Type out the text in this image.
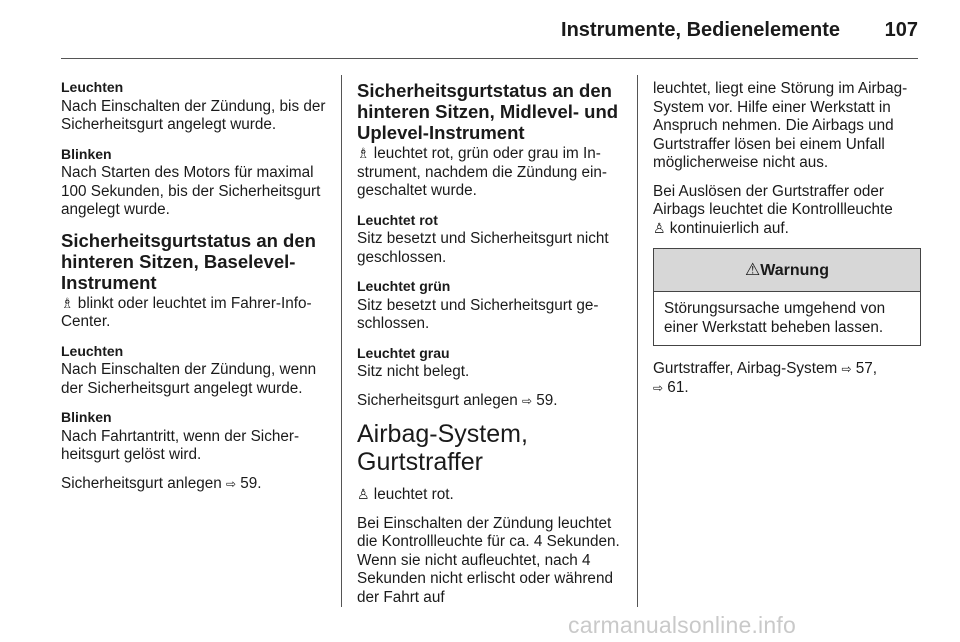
Instrumente, Bedienelemente 107

Leuchten

Nach Einschalten der Zündung, bis der Sicherheitsgurt angelegt wurde.

Blinken

Nach Starten des Motors für maximal 100 Sekunden, bis der Sicherheitsgurt angelegt wurde.

Sicherheitsgurtstatus an den hinteren Sitzen, Baselevel-Instrument

♗ blinkt oder leuchtet im Fahrer-Info-Center.

Leuchten

Nach Einschalten der Zündung, wenn der Sicherheitsgurt angelegt wurde.

Blinken

Nach Fahrtantritt, wenn der Sicherheitsgurt gelöst wird.

Sicherheitsgurt anlegen ⇨ 59.

Sicherheitsgurtstatus an den hinteren Sitzen, Midlevel- und Uplevel-Instrument

♗ leuchtet rot, grün oder grau im Instrument, nachdem die Zündung eingeschaltet wurde.

Leuchtet rot

Sitz besetzt und Sicherheitsgurt nicht geschlossen.

Leuchtet grün

Sitz besetzt und Sicherheitsgurt geschlossen.

Leuchtet grau

Sitz nicht belegt.

Sicherheitsgurt anlegen ⇨ 59.

Airbag-System, Gurtstraffer

♙ leuchtet rot.

Bei Einschalten der Zündung leuchtet die Kontrollleuchte für ca. 4 Sekunden. Wenn sie nicht aufleuchtet, nach 4 Sekunden nicht erlischt oder während der Fahrt auf

leuchtet, liegt eine Störung im Airbag-System vor. Hilfe einer Werkstatt in Anspruch nehmen. Die Airbags und Gurtstraffer lösen bei einem Unfall möglicherweise nicht aus.

Bei Auslösen der Gurtstraffer oder Airbags leuchtet die Kontrollleuchte
♙ kontinuierlich auf.

⚠Warnung

Störungsursache umgehend von einer Werkstatt beheben lassen.

Gurtstraffer, Airbag-System ⇨ 57,
⇨ 61.

carmanualsonline.info
